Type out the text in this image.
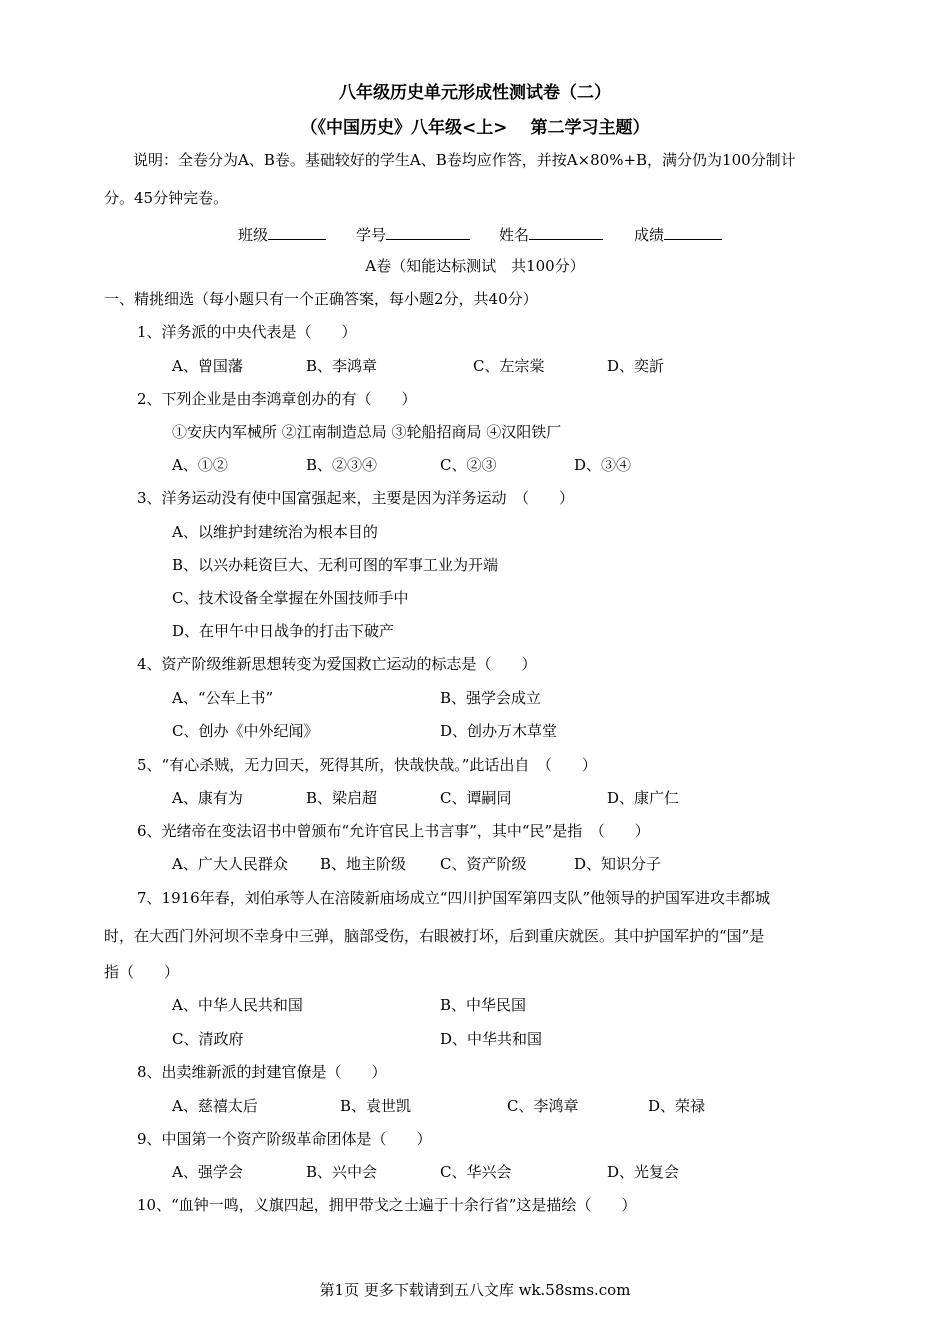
八年级历史单元形成性测试卷（二）
（《中国历史》八年级<上>　 第二学习主题）
说明：全卷分为A、B卷。基础较好的学生A、B卷均应作答，并按A×80%+B，满分仍为100分制计
分。45分钟完卷。
班级	学号	姓名	成绩
A卷（知能达标测试　共100分）
一、精挑细选（每小题只有一个正确答案，每小题2分，共40分）
1、洋务派的中央代表是（　　）
A、曾国藩	B、李鸿章	C、左宗棠	D、奕訢
2、下列企业是由李鸿章创办的有（　　）
①安庆内军械所 ②江南制造总局 ③轮船招商局 ④汉阳铁厂
A、①②	B、②③④	C、②③	D、③④
3、洋务运动没有使中国富强起来，主要是因为洋务运动　（　　）
A、以维护封建统治为根本目的
B、以兴办耗资巨大、无利可图的军事工业为开端
C、技术设备全掌握在外国技师手中
D、在甲午中日战争的打击下破产
4、资产阶级维新思想转变为爱国救亡运动的标志是（　　）
A、“公车上书”	B、强学会成立
C、创办《中外纪闻》	D、创办万木草堂
5、“有心杀贼，无力回天，死得其所，快哉快哉。”此话出自　（　　）
A、康有为	B、梁启超	C、谭嗣同	D、康广仁
6、光绪帝在变法诏书中曾颁布“允许官民上书言事”，其中“民”是指　（　　）
A、广大人民群众 B、地主阶级 C、资产阶级	D、知识分子
7、1916年春，刘伯承等人在涪陵新庙场成立“四川护国军第四支队”他领导的护国军进攻丰都城
时，在大西门外河坝不幸身中三弹，脑部受伤，右眼被打坏，后到重庆就医。其中护国军护的“国”是
指（　　）
A、中华人民共和国	B、中华民国
C、清政府	D、中华共和国
8、出卖维新派的封建官僚是（　　）
A、慈禧太后	B、袁世凯	C、李鸿章	D、荣禄
9、中国第一个资产阶级革命团体是（　　）
A、强学会	B、兴中会	C、华兴会	D、光复会
10、“血钟一鸣，义旗四起，拥甲带戈之士遍于十余行省”这是描绘（　　）
第1页 更多下载请到五八文库 wk.58sms.com
